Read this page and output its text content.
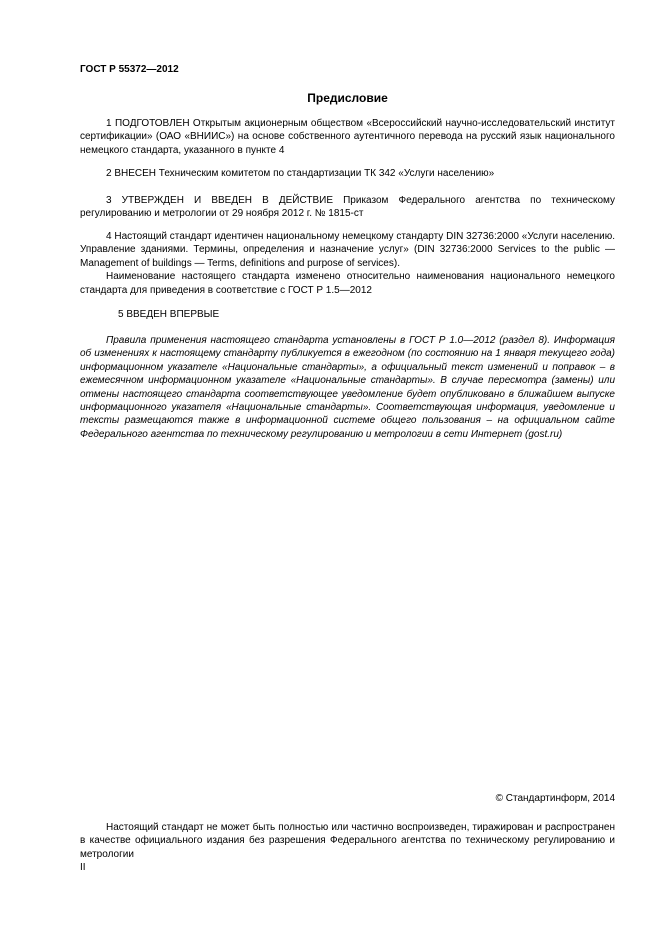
ГОСТ Р 55372—2012
Предисловие

1 ПОДГОТОВЛЕН Открытым акционерным обществом «Всероссийский научно-исследовательский институт сертификации» (ОАО «ВНИИС») на основе собственного аутентичного перевода на русский язык национального немецкого стандарта, указанного в пункте 4

2 ВНЕСЕН Техническим комитетом по стандартизации ТК 342 «Услуги населению»

3 УТВЕРЖДЕН И ВВЕДЕН В ДЕЙСТВИЕ Приказом Федерального агентства по техническому регулированию и метрологии от 29 ноября 2012 г. № 1815-ст

4 Настоящий стандарт идентичен национальному немецкому стандарту DIN 32736:2000 «Услуги населению. Управление зданиями. Термины, определения и назначение услуг» (DIN 32736:2000 Services to the public — Management of buildings — Terms, definitions and purpose of services).

Наименование настоящего стандарта изменено относительно наименования национального немецкого стандарта для приведения в соответствие с ГОСТ Р 1.5—2012

5 ВВЕДЕН ВПЕРВЫЕ

Правила применения настоящего стандарта установлены в ГОСТ Р 1.0—2012 (раздел 8). Информация об изменениях к настоящему стандарту публикуется в ежегодном (по состоянию на 1 января текущего года) информационном указателе «Национальные стандарты», а официальный текст изменений и поправок – в ежемесячном информационном указателе «Национальные стандарты». В случае пересмотра (замены) или отмены настоящего стандарта соответствующее уведомление будет опубликовано в ближайшем выпуске информационного указателя «Национальные стандарты». Соответствующая информация, уведомление и тексты размещаются также в информационной системе общего пользования – на официальном сайте Федерального агентства по техническому регулированию и метрологии в сети Интернет (gost.ru)

© Стандартинформ, 2014

Настоящий стандарт не может быть полностью или частично воспроизведен, тиражирован и распространен в качестве официального издания без разрешения Федерального агентства по техническому регулированию и метрологии

II
